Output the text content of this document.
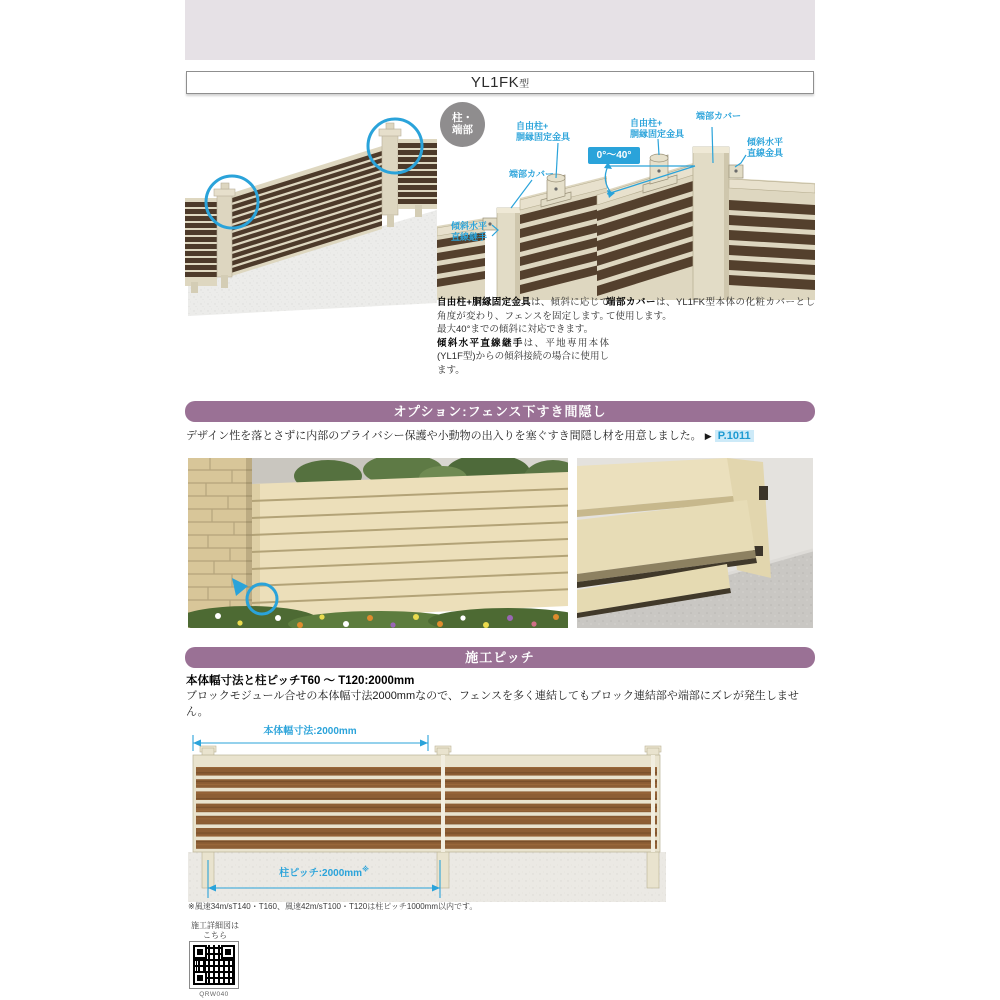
YL1FK型
柱・
端部	自由柱+
胴縁固定金具
端部カバー
傾斜水平
直線継手
0°～40°
自由柱+
胴縁固定金具
端部カバー
傾斜水平
直線金具
自由柱+胴縁固定金具は、傾斜に応じて角度が変わり、フェンスを固定します。最大40°までの傾斜に対応できます。
傾斜水平直線継手は、平地専用本体(YL1F型)からの傾斜接続の場合に使用します。
端部カバーは、YL1FK型本体の化粧カバーとして使用します。
オプション:フェンス下すき間隠し
デザイン性を落とさずに内部のプライバシー保護や小動物の出入りを塞ぐすき間隠し材を用意しました。 ▶ P.1011
施工ピッチ
本体幅寸法と柱ピッチT60 ～ T120:2000mm
ブロックモジュール合せの本体幅寸法2000mmなので、フェンスを多く連結してもブロック連結部や端部にズレが発生しません。
本体幅寸法:2000mm
柱ピッチ:2000mm※
※風速34m/sT140・T160、風速42m/sT100・T120は柱ピッチ1000mm以内です。
施工詳細図は
こちら
QRW040
